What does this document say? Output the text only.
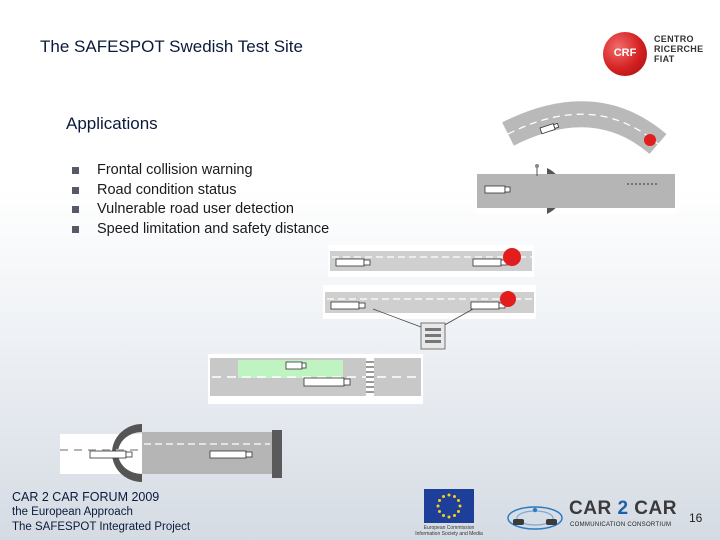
The SAFESPOT Swedish Test Site	CRF
CENTRO
RICERCHE
FIAT
Applications
Frontal collision warning
Road condition status
Vulnerable road user detection
Speed limitation and safety distance
CAR 2 CAR FORUM 2009
the European Approach
The SAFESPOT Integrated Project	European Commission
Information Society and Media
CAR 2 CAR
COMMUNICATION CONSORTIUM 16
